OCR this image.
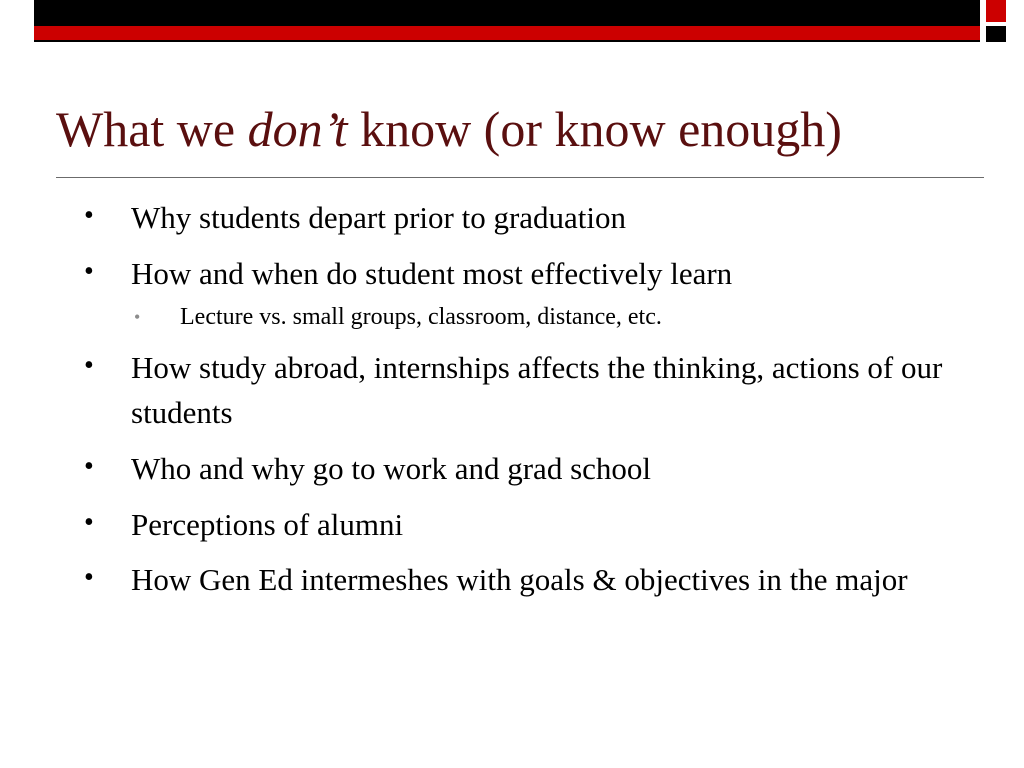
What we don’t know (or know enough)
• Why students depart prior to graduation
• How and when do student most effectively learn
• Lecture vs. small groups, classroom, distance, etc.
• How study abroad, internships affects the thinking, actions of our students
• Who and why go to work and grad school
• Perceptions of alumni
• How Gen Ed intermeshes with goals & objectives in the major
